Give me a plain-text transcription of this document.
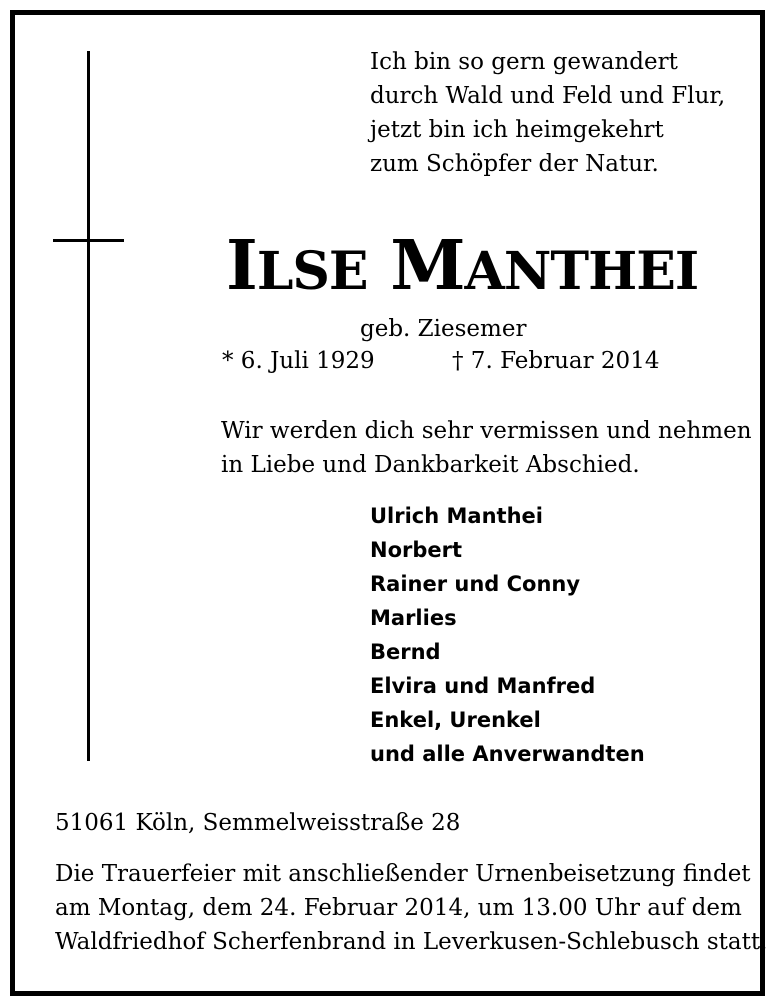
Ich bin so gern gewandert
durch Wald und Feld und Flur,
jetzt bin ich heimgekehrt
zum Schöpfer der Natur.
ILSE MANTHEI
geb. Ziesemer
* 6. Juli 1929	† 7. Februar 2014
Wir werden dich sehr vermissen und nehmen
in Liebe und Dankbarkeit Abschied.
Ulrich Manthei
Norbert
Rainer und Conny
Marlies
Bernd
Elvira und Manfred
Enkel, Urenkel
und alle Anverwandten
51061 Köln, Semmelweisstraße 28
Die Trauerfeier mit anschließender Urnenbeisetzung findet
am Montag, dem 24. Februar 2014, um 13.00 Uhr auf dem
Waldfriedhof Scherfenbrand in Leverkusen-Schlebusch statt.
